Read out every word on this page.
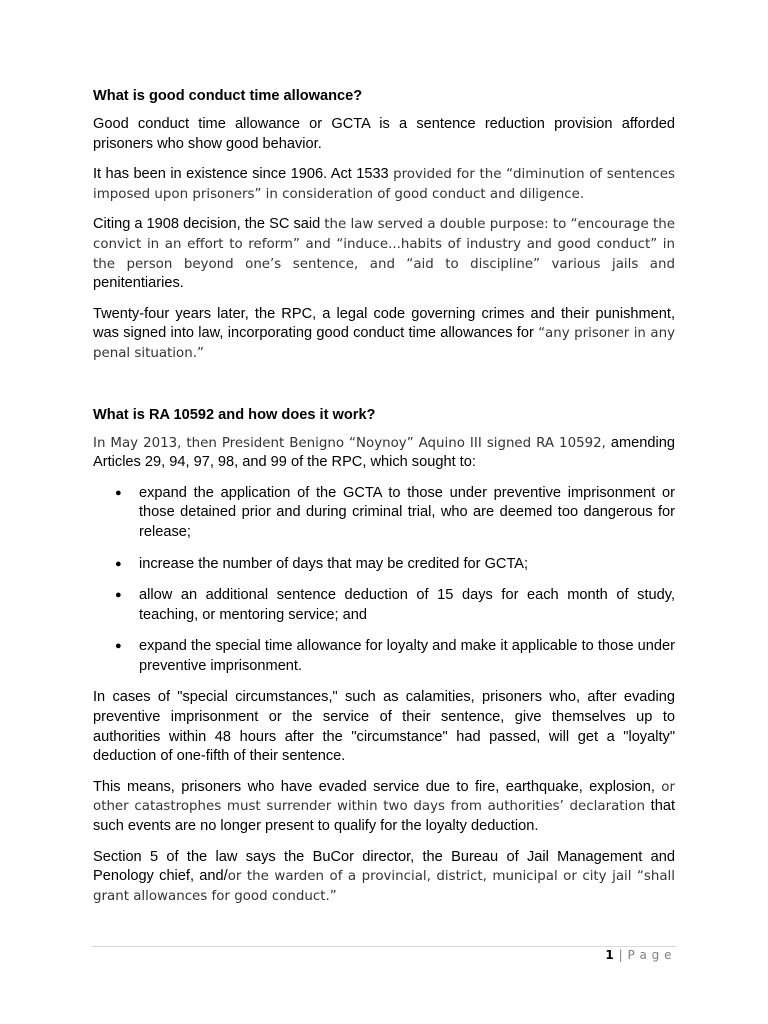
What is good conduct time allowance?

Good conduct time allowance or GCTA is a sentence reduction provision afforded prisoners who show good behavior.

It has been in existence since 1906. Act 1533 provided for the “diminution of sentences imposed upon prisoners” in consideration of good conduct and diligence.

Citing a 1908 decision, the SC said the law served a double purpose: to “encourage the convict in an effort to reform” and “induce...habits of industry and good conduct” in the person beyond one’s sentence, and “aid to discipline” various jails and penitentiaries.

Twenty-four years later, the RPC, a legal code governing crimes and their punishment, was signed into law, incorporating good conduct time allowances for “any prisoner in any penal situation.”

What is RA 10592 and how does it work?

In May 2013, then President Benigno “Noynoy” Aquino III signed RA 10592, amending Articles 29, 94, 97, 98, and 99 of the RPC, which sought to:

● expand the application of the GCTA to those under preventive imprisonment or those detained prior and during criminal trial, who are deemed too dangerous for release;
● increase the number of days that may be credited for GCTA;
● allow an additional sentence deduction of 15 days for each month of study, teaching, or mentoring service; and
● expand the special time allowance for loyalty and make it applicable to those under preventive imprisonment.

In cases of "special circumstances," such as calamities, prisoners who, after evading preventive imprisonment or the service of their sentence, give themselves up to authorities within 48 hours after the "circumstance" had passed, will get a "loyalty" deduction of one-fifth of their sentence.

This means, prisoners who have evaded service due to fire, earthquake, explosion, or other catastrophes must surrender within two days from authorities’ declaration that such events are no longer present to qualify for the loyalty deduction.

Section 5 of the law says the BuCor director, the Bureau of Jail Management and Penology chief, and/or the warden of a provincial, district, municipal or city jail “shall grant allowances for good conduct.”

1 | P a g e
